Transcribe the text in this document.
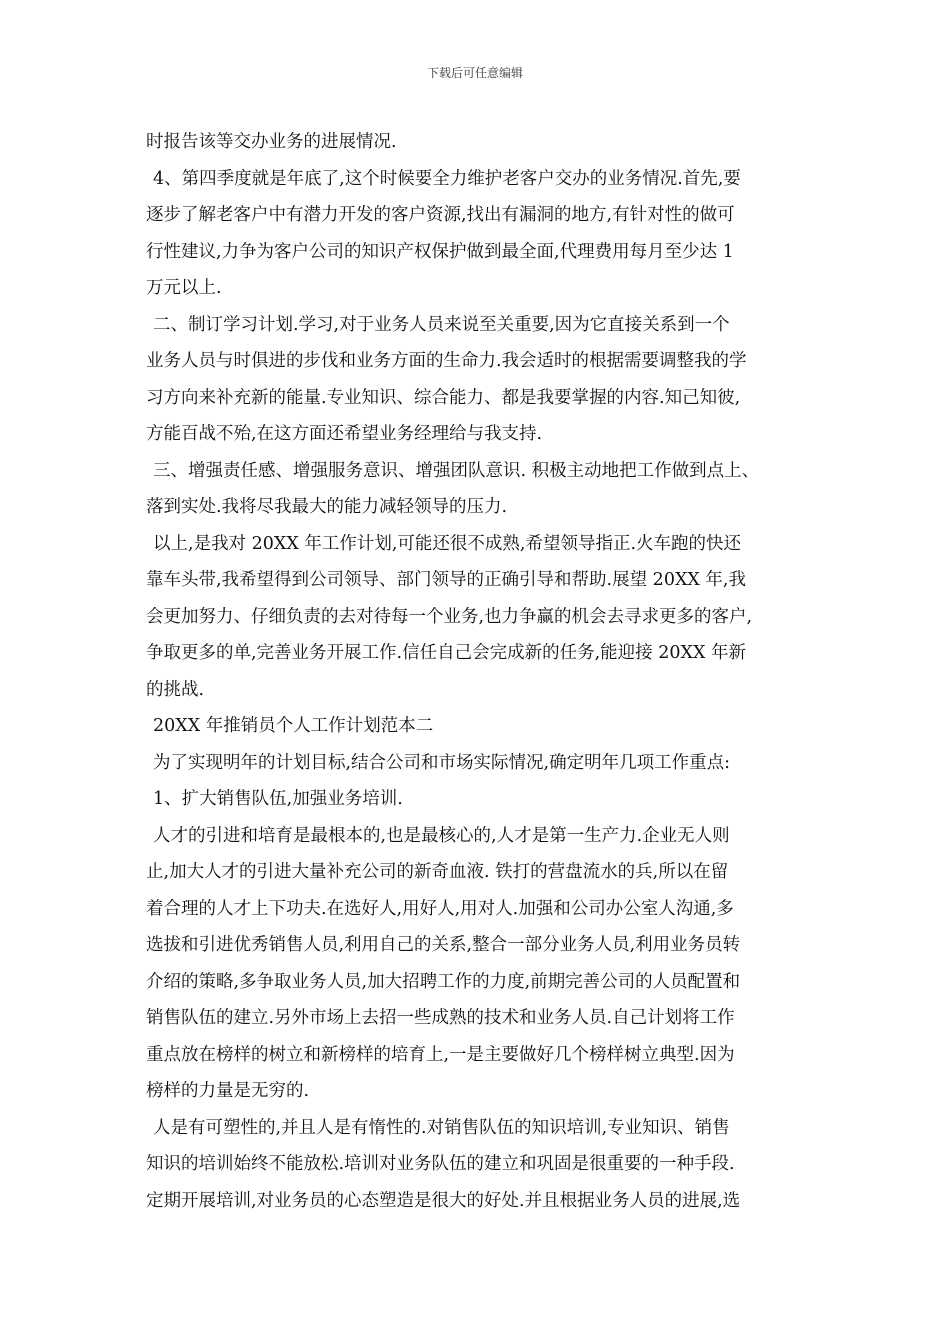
下载后可任意编辑
时报告该等交办业务的进展情况.
4、第四季度就是年底了,这个时候要全力维护老客户交办的业务情况.首先,要
逐步了解老客户中有潜力开发的客户资源,找出有漏洞的地方,有针对性的做可
行性建议,力争为客户公司的知识产权保护做到最全面,代理费用每月至少达 1
万元以上.
二、制订学习计划.学习,对于业务人员来说至关重要,因为它直接关系到一个
业务人员与时俱进的步伐和业务方面的生命力.我会适时的根据需要调整我的学
习方向来补充新的能量.专业知识、综合能力、都是我要掌握的内容.知己知彼,
方能百战不殆,在这方面还希望业务经理给与我支持.
三、增强责任感、增强服务意识、增强团队意识. 积极主动地把工作做到点上、
落到实处.我将尽我最大的能力减轻领导的压力.
以上,是我对 20XX 年工作计划,可能还很不成熟,希望领导指正.火车跑的快还
靠车头带,我希望得到公司领导、部门领导的正确引导和帮助.展望 20XX 年,我
会更加努力、仔细负责的去对待每一个业务,也力争赢的机会去寻求更多的客户,
争取更多的单,完善业务开展工作.信任自己会完成新的任务,能迎接 20XX 年新
的挑战.
20XX 年推销员个人工作计划范本二
为了实现明年的计划目标,结合公司和市场实际情况,确定明年几项工作重点:
1、扩大销售队伍,加强业务培训.
人才的引进和培育是最根本的,也是最核心的,人才是第一生产力.企业无人则
止,加大人才的引进大量补充公司的新奇血液. 铁打的营盘流水的兵,所以在留
着合理的人才上下功夫.在选好人,用好人,用对人.加强和公司办公室人沟通,多
选拔和引进优秀销售人员,利用自己的关系,整合一部分业务人员,利用业务员转
介绍的策略,多争取业务人员,加大招聘工作的力度,前期完善公司的人员配置和
销售队伍的建立.另外市场上去招一些成熟的技术和业务人员.自己计划将工作
重点放在榜样的树立和新榜样的培育上,一是主要做好几个榜样树立典型.因为
榜样的力量是无穷的.
人是有可塑性的,并且人是有惰性的.对销售队伍的知识培训,专业知识、销售
知识的培训始终不能放松.培训对业务队伍的建立和巩固是很重要的一种手段.
定期开展培训,对业务员的心态塑造是很大的好处.并且根据业务人员的进展,选
